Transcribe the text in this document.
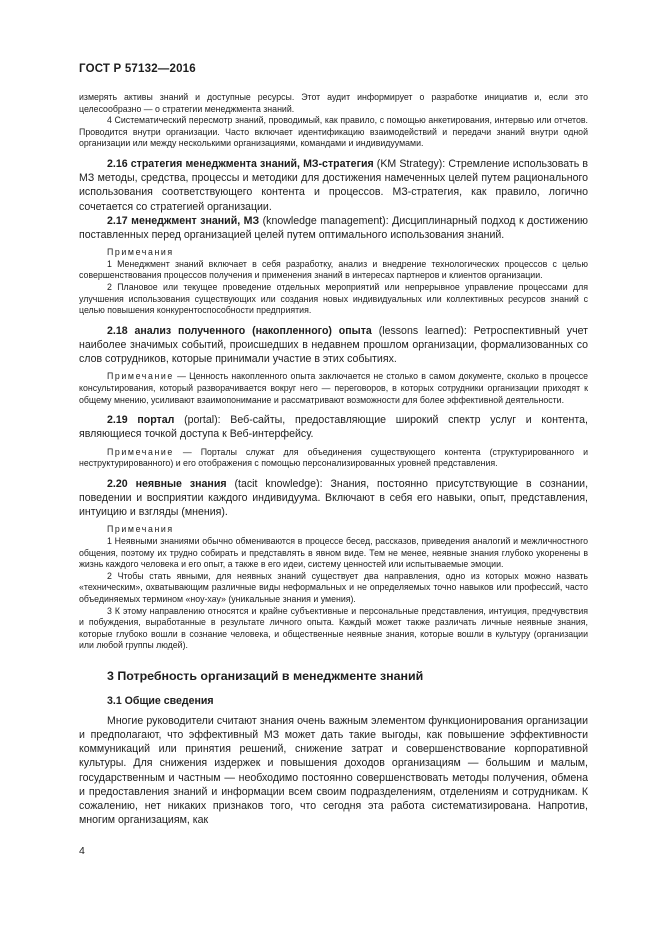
ГОСТ Р 57132—2016

измерять активы знаний и доступные ресурсы. Этот аудит информирует о разработке инициатив и, если это целесообразно — о стратегии менеджмента знаний.

4 Систематический пересмотр знаний, проводимый, как правило, с помощью анкетирования, интервью или отчетов. Проводится внутри организации. Часто включает идентификацию взаимодействий и передачи знаний внутри одной организации или между несколькими организациями, командами и индивидуумами.

2.16 стратегия менеджмента знаний, МЗ-стратегия (KM Strategy): Стремление использовать в МЗ методы, средства, процессы и методики для достижения намеченных целей путем рационального использования соответствующего контента и процессов. МЗ-стратегия, как правило, логично сочетается со стратегией организации.

2.17 менеджмент знаний, МЗ (knowledge management): Дисциплинарный подход к достижению поставленных перед организацией целей путем оптимального использования знаний.

Примечания

1 Менеджмент знаний включает в себя разработку, анализ и внедрение технологических процессов с целью совершенствования процессов получения и применения знаний в интересах партнеров и клиентов организации.

2 Плановое или текущее проведение отдельных мероприятий или непрерывное управление процессами для улучшения использования существующих или создания новых индивидуальных или коллективных ресурсов знаний с целью повышения конкурентоспособности предприятия.

2.18 анализ полученного (накопленного) опыта (lessons learned): Ретроспективный учет наиболее значимых событий, происшедших в недавнем прошлом организации, формализованных со слов сотрудников, которые принимали участие в этих событиях.

Примечание — Ценность накопленного опыта заключается не столько в самом документе, сколько в процессе консультирования, который разворачивается вокруг него — переговоров, в которых сотрудники организации приходят к общему мнению, усиливают взаимопонимание и рассматривают возможности для более эффективной деятельности.

2.19 портал (portal): Веб-сайты, предоставляющие широкий спектр услуг и контента, являющиеся точкой доступа к Веб-интерфейсу.

Примечание — Порталы служат для объединения существующего контента (структурированного и неструктурированного) и его отображения с помощью персонализированных уровней представления.

2.20 неявные знания (tacit knowledge): Знания, постоянно присутствующие в сознании, поведении и восприятии каждого индивидуума. Включают в себя его навыки, опыт, представления, интуицию и взгляды (мнения).

Примечания

1 Неявными знаниями обычно обмениваются в процессе бесед, рассказов, приведения аналогий и межличностного общения, поэтому их трудно собирать и представлять в явном виде. Тем не менее, неявные знания глубоко укоренены в жизнь каждого человека и его опыт, а также в его идеи, систему ценностей или испытываемые эмоции.

2 Чтобы стать явными, для неявных знаний существует два направления, одно из которых можно назвать «техническим», охватывающим различные виды неформальных и не определяемых точно навыков или профессий, часто объединяемых термином «ноу-хау» (уникальные знания и умения).

3 К этому направлению относятся и крайне субъективные и персональные представления, интуиция, предчувствия и побуждения, выработанные в результате личного опыта. Каждый может также различать личные неявные знания, которые глубоко вошли в сознание человека, и общественные неявные знания, которые вошли в культуру (организации или любой группы людей).

3 Потребность организаций в менеджменте знаний

3.1 Общие сведения

Многие руководители считают знания очень важным элементом функционирования организации и предполагают, что эффективный МЗ может дать такие выгоды, как повышение эффективности коммуникаций или принятия решений, снижение затрат и совершенствование корпоративной культуры. Для снижения издержек и повышения доходов организациям — большим и малым, государственным и частным — необходимо постоянно совершенствовать методы получения, обмена и предоставления знаний и информации всем своим подразделениям, отделениям и сотрудникам. К сожалению, нет никаких признаков того, что сегодня эта работа систематизирована. Напротив, многим организациям, как

4
